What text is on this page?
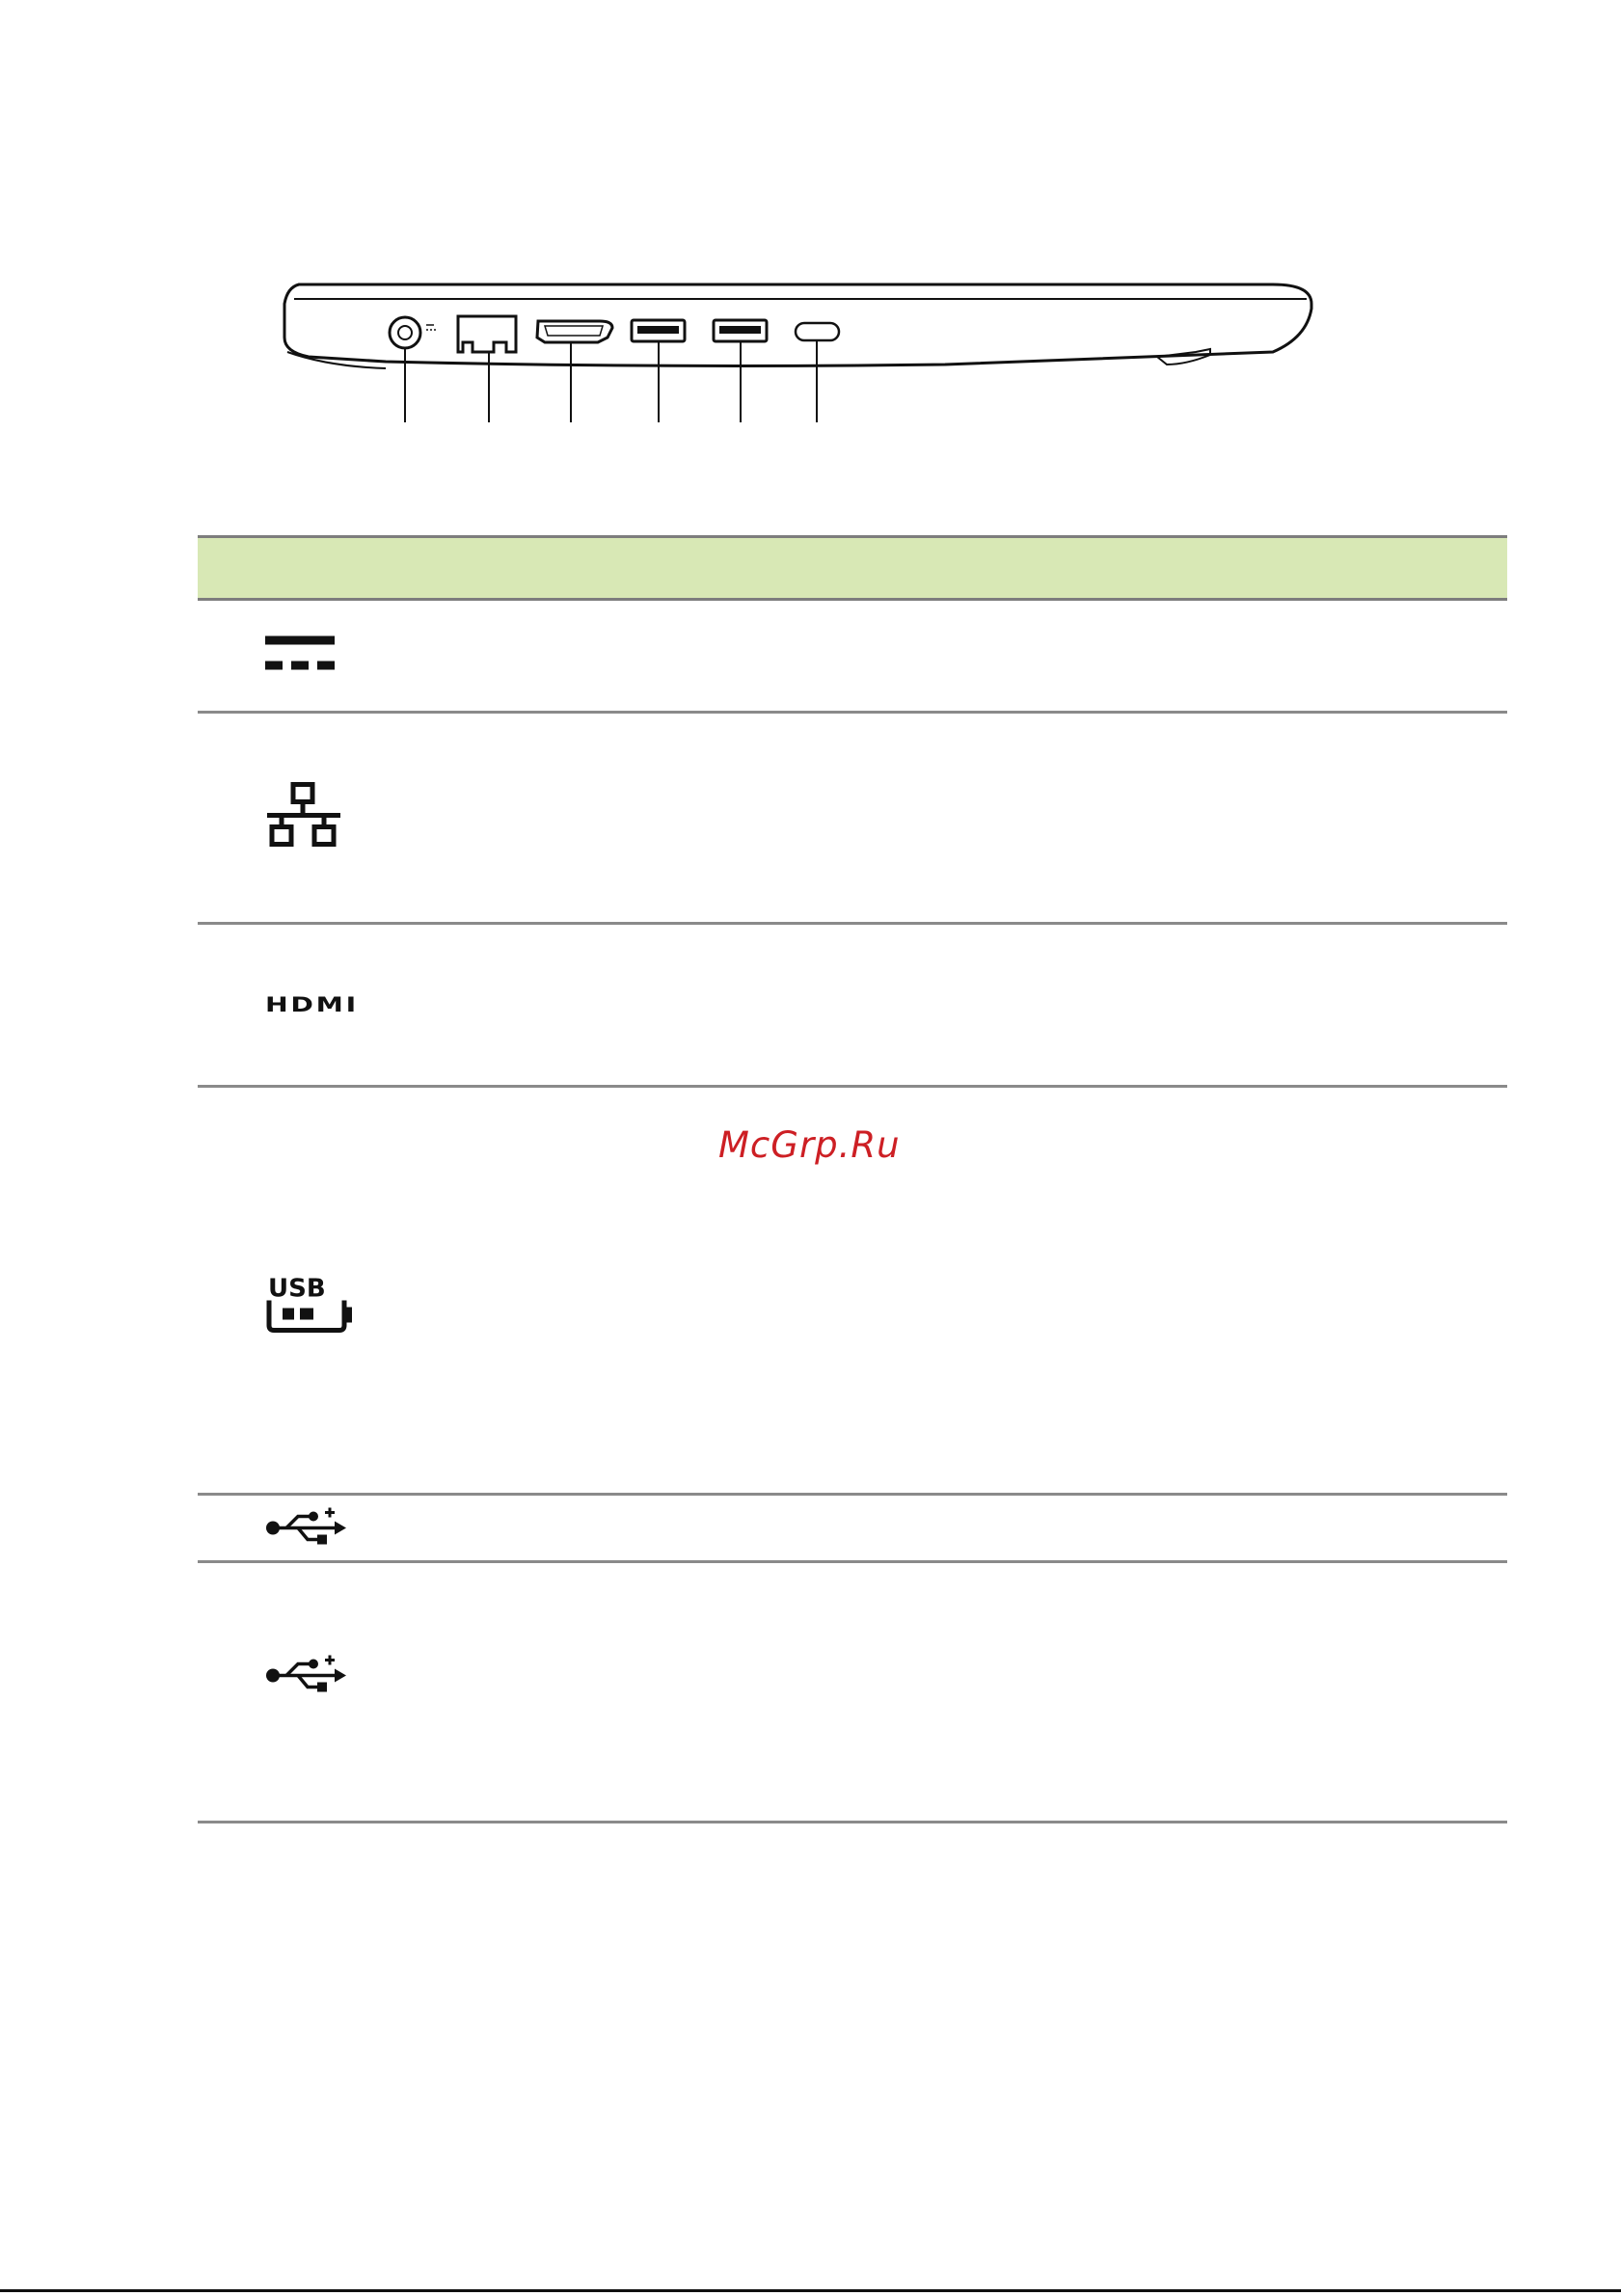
HDMI
USB
McGrp.Ru
